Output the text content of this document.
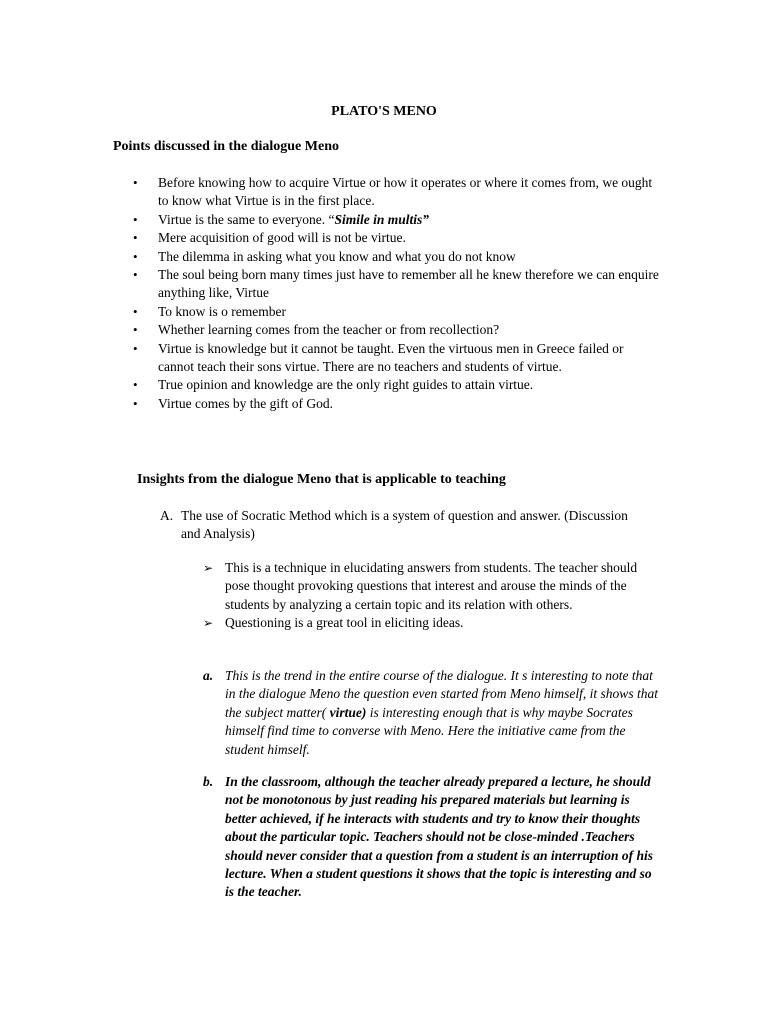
PLATO'S MENO
Points discussed in the dialogue Meno
• Before knowing how to acquire Virtue or how it operates or where it comes from, we ought to know what Virtue is in the first place.
• Virtue is the same to everyone. “Simile in multis”
• Mere acquisition of good will is not be virtue.
• The dilemma in asking what you know and what you do not know
• The soul being born many times just have to remember all he knew therefore we can enquire anything like, Virtue
• To know is o remember
• Whether learning comes from the teacher or from recollection?
• Virtue is knowledge but it cannot be taught. Even the virtuous men in Greece failed or cannot teach their sons virtue. There are no teachers and students of virtue.
• True opinion and knowledge are the only right guides to attain virtue.
• Virtue comes by the gift of God.
Insights from the dialogue Meno that is applicable to teaching
A. The use of Socratic Method which is a system of question and answer. (Discussion and Analysis)
➢ This is a technique in elucidating answers from students. The teacher should pose thought provoking questions that interest and arouse the minds of the students by analyzing a certain topic and its relation with others.
➢ Questioning is a great tool in eliciting ideas.
a. This is the trend in the entire course of the dialogue. It s interesting to note that in the dialogue Meno the question even started from Meno himself, it shows that the subject matter( virtue) is interesting enough that is why maybe Socrates himself find time to converse with Meno. Here the initiative came from the student himself.
b. In the classroom, although the teacher already prepared a lecture, he should not be monotonous by just reading his prepared materials but learning is better achieved, if he interacts with students and try to know their thoughts about the particular topic. Teachers should not be close-minded .Teachers should never consider that a question from a student is an interruption of his lecture. When a student questions it shows that the topic is interesting and so is the teacher.
